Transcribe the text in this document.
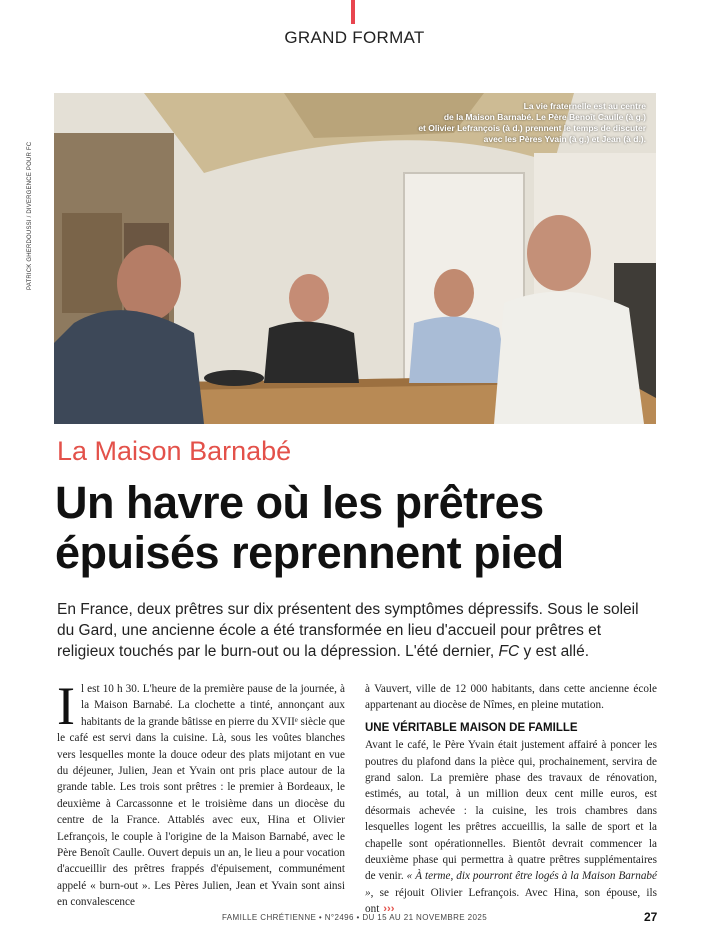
GRAND FORMAT
La vie fraternelle est au centre
de la Maison Barnabé. Le Père Benoît Caulle (à g.)
et Olivier Lefrançois (à d.) prennent le temps de discuter
avec les Pères Yvain (à g.) et Jean (à d.).
PATRICK GHERDOUSSI / DIVERGENCE POUR FC
La Maison Barnabé
Un havre où les prêtres
épuisés reprennent pied
En France, deux prêtres sur dix présentent des symptômes dépressifs. Sous le soleil du Gard, une ancienne école a été transformée en lieu d'accueil pour prêtres et religieux touchés par le burn-out ou la dépression. L'été dernier, FC y est allé.
I l est 10 h 30. L'heure de la première pause de la journée, à la Maison Barnabé. La clochette a tinté, annonçant aux habitants de la grande bâtisse en pierre du XVIIᵉ siècle que le café est servi dans la cuisine. Là, sous les voûtes blanches vers lesquelles monte la douce odeur des plats mijotant en vue du déjeuner, Julien, Jean et Yvain ont pris place autour de la grande table. Les trois sont prêtres : le premier à Bordeaux, le deuxième à Carcassonne et le troisième dans un diocèse du centre de la France. Attablés avec eux, Hina et Olivier Lefrançois, le couple à l'origine de la Maison Barnabé, avec le Père Benoît Caulle. Ouvert depuis un an, le lieu a pour vocation d'accueillir des prêtres frappés d'épuisement, communément appelé « burn-out ». Les Pères Julien, Jean et Yvain sont ainsi en convalescence

à Vauvert, ville de 12 000 habitants, dans cette ancienne école appartenant au diocèse de Nîmes, en pleine mutation.

UNE VÉRITABLE MAISON DE FAMILLE

Avant le café, le Père Yvain était justement affairé à poncer les poutres du plafond dans la pièce qui, prochainement, servira de grand salon. La première phase des travaux de rénovation, estimés, au total, à un million deux cent mille euros, est désormais achevée : la cuisine, les trois chambres dans lesquelles logent les prêtres accueillis, la salle de sport et la chapelle sont opérationnelles. Bientôt devrait commencer la deuxième phase qui permettra à quatre prêtres supplémentaires de venir. « À terme, dix pourront être logés à la Maison Barnabé », se réjouit Olivier Lefrançois. Avec Hina, son épouse, ils ont ›››

FAMILLE CHRÉTIENNE • N°2496 • DU 15 AU 21 NOVEMBRE 2025	27
